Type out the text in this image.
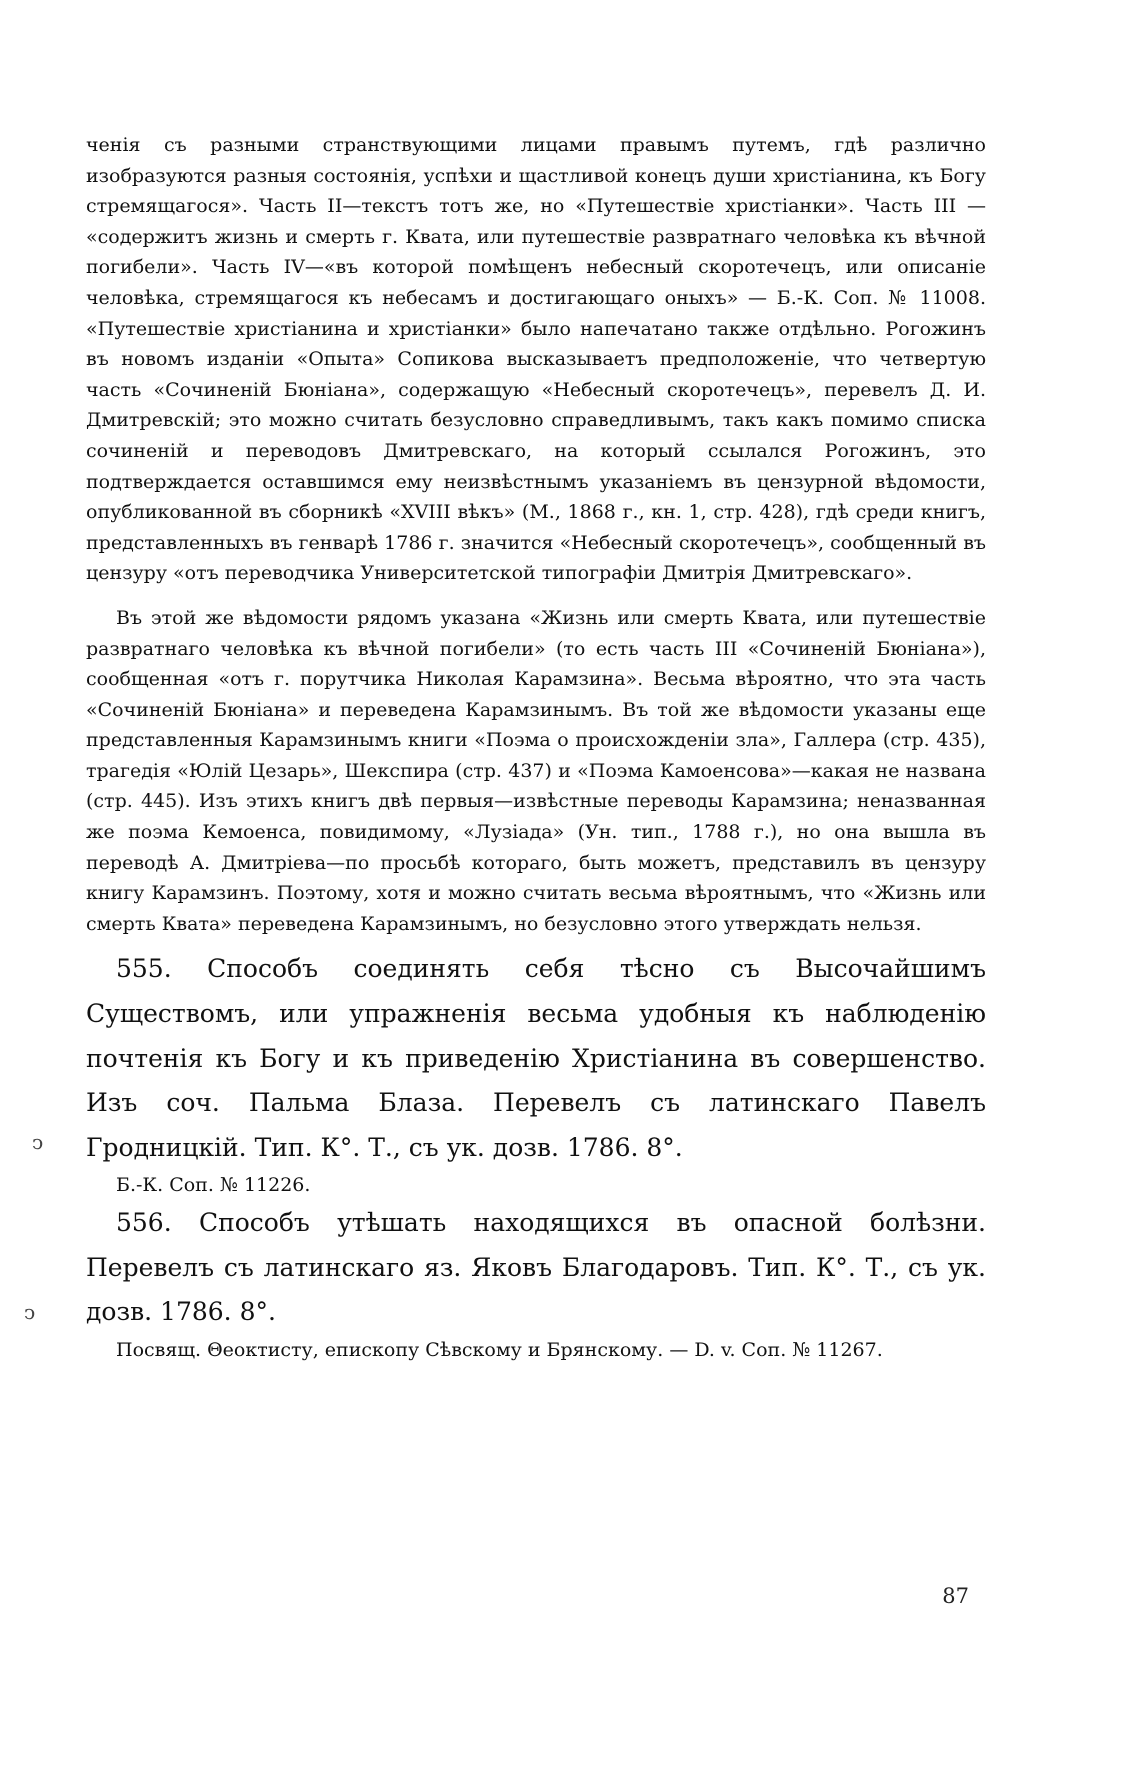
ченія съ разными странствующими лицами правымъ путемъ, гдѣ различно изобразуются разныя состоянія, успѣхи и щастливой конецъ души христіанина, къ Богу стремящагося». Часть II—текстъ тотъ же, но «Путешествіе христіанки». Часть III — «содержитъ жизнь и смерть г. Квата, или путешествіе развратнаго человѣка къ вѣчной погибели». Часть IV—«въ которой помѣщенъ небесный скоротечецъ, или описаніе человѣка, стремящагося къ небесамъ и достигающаго оныхъ» — Б.-К. Соп. № 11008. «Путешествіе христіанина и христіанки» было напечатано также отдѣльно. Рогожинъ въ новомъ изданіи «Опыта» Сопикова высказываетъ предположеніе, что четвертую часть «Сочиненій Бюніана», содержащую «Небесный скоротечецъ», перевелъ Д. И. Дмитревскій; это можно считать безусловно справедливымъ, такъ какъ помимо списка сочиненій и переводовъ Дмитревскаго, на который ссылался Рогожинъ, это подтверждается оставшимся ему неизвѣстнымъ указаніемъ въ цензурной вѣдомости, опубликованной въ сборникѣ «XVIII вѣкъ» (М., 1868 г., кн. 1, стр. 428), гдѣ среди книгъ, представленныхъ въ генварѣ 1786 г. значится «Небесный скоротечецъ», сообщенный въ цензуру «отъ переводчика Университетской типографіи Дмитрія Дмитревскаго».

Въ этой же вѣдомости рядомъ указана «Жизнь или смерть Квата, или путешествіе развратнаго человѣка къ вѣчной погибели» (то есть часть III «Сочиненій Бюніана»), сообщенная «отъ г. порутчика Николая Карамзина». Весьма вѣроятно, что эта часть «Сочиненій Бюніана» и переведена Карамзинымъ. Въ той же вѣдомости указаны еще представленныя Карамзинымъ книги «Поэма о происхожденіи зла», Галлера (стр. 435), трагедія «Юлій Цезарь», Шекспира (стр. 437) и «Поэма Камоенсова»—какая не названа (стр. 445). Изъ этихъ книгъ двѣ первыя—извѣстные переводы Карамзина; неназванная же поэма Кемоенса, повидимому, «Лузіада» (Ун. тип., 1788 г.), но она вышла въ переводѣ А. Дмитріева—по просьбѣ котораго, быть можетъ, представилъ въ цензуру книгу Карамзинъ. Поэтому, хотя и можно считать весьма вѣроятнымъ, что «Жизнь или смерть Квата» переведена Карамзинымъ, но безусловно этого утверждать нельзя.

555. Способъ соединять себя тѣсно съ Высочайшимъ Существомъ, или упражненія весьма удобныя къ наблюденію почтенія къ Богу и къ приведенію Христіанина въ совершенство. Изъ соч. Пальма Блаза. Перевелъ съ латинскаго Павелъ Гродницкій. Тип. К°. Т., съ ук. дозв. 1786. 8°.

Б.-К. Соп. № 11226.

556. Способъ утѣшать находящихся въ опасной болѣзни. Перевелъ съ латинскаго яз. Яковъ Благодаровъ. Тип. К°. Т., съ ук. дозв. 1786. 8°.

Посвящ. Θеоктисту, епископу Сѣвскому и Брянскому. — D. v. Соп. № 11267.

ↄ
ↄ
87
